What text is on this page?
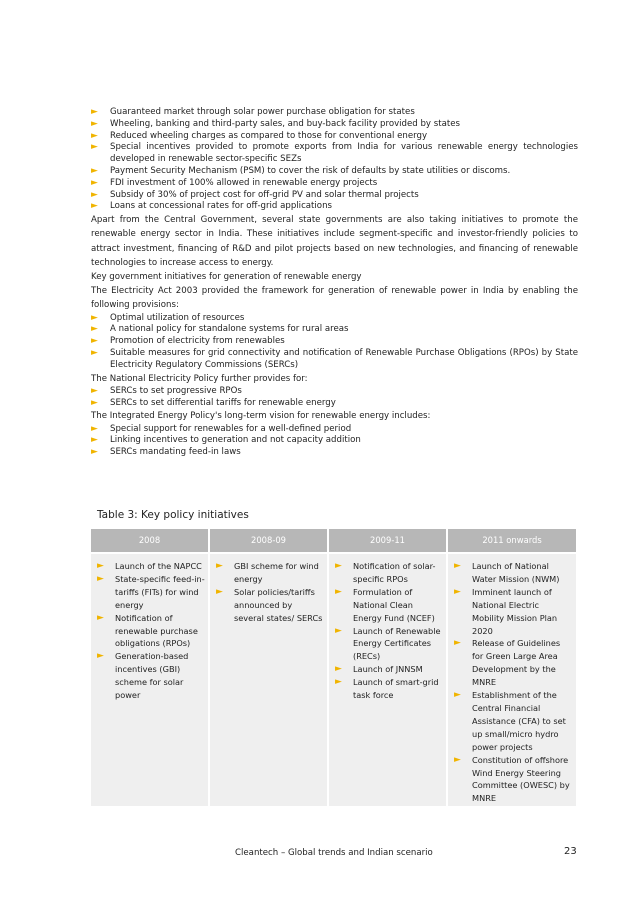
► Guaranteed market through solar power purchase obligation for states
► Wheeling, banking and third-party sales, and buy-back facility provided by states
► Reduced wheeling charges as compared to those for conventional energy
► Special incentives provided to promote exports from India for various renewable energy technologies developed in renewable sector-specific SEZs
► Payment Security Mechanism (PSM) to cover the risk of defaults by state utilities or discoms.
► FDI investment of 100% allowed in renewable energy projects
► Subsidy of 30% of project cost for off-grid PV and solar thermal projects
► Loans at concessional rates for off-grid applications

Apart from the Central Government, several state governments are also taking initiatives to promote the renewable energy sector in India. These initiatives include segment-specific and investor-friendly policies to attract investment, financing of R&D and pilot projects based on new technologies, and financing of renewable technologies to increase access to energy.

Key government initiatives for generation of renewable energy

The Electricity Act 2003 provided the framework for generation of renewable power in India by enabling the following provisions:

► Optimal utilization of resources
► A national policy for standalone systems for rural areas
► Promotion of electricity from renewables
► Suitable measures for grid connectivity and notification of Renewable Purchase Obligations (RPOs) by State Electricity Regulatory Commissions (SERCs)

The National Electricity Policy further provides for:

► SERCs to set progressive RPOs
► SERCs to set differential tariffs for renewable energy

The Integrated Energy Policy's long-term vision for renewable energy includes:

► Special support for renewables for a well-defined period
► Linking incentives to generation and not capacity addition
► SERCs mandating feed-in laws
Table 3: Key policy initiatives
2008
► Launch of the NAPCC
► State-specific feed-in-tariffs (FITs) for wind energy
► Notification of renewable purchase obligations (RPOs)
► Generation-based incentives (GBI) scheme for solar power
2008-09
► GBI scheme for wind energy
► Solar policies/tariffs announced by several states/ SERCs
2009-11
► Notification of solar-specific RPOs
► Formulation of National Clean Energy Fund (NCEF)
► Launch of Renewable Energy Certificates (RECs)
► Launch of JNNSM
► Launch of smart-grid task force
2011 onwards
► Launch of National Water Mission (NWM)
► Imminent launch of National Electric Mobility Mission Plan 2020
► Release of Guidelines for Green Large Area Development by the MNRE
► Establishment of the Central Financial Assistance (CFA) to set up small/micro hydro power projects
► Constitution of offshore Wind Energy Steering Committee (OWESC) by MNRE
Cleantech – Global trends and Indian scenario	23
